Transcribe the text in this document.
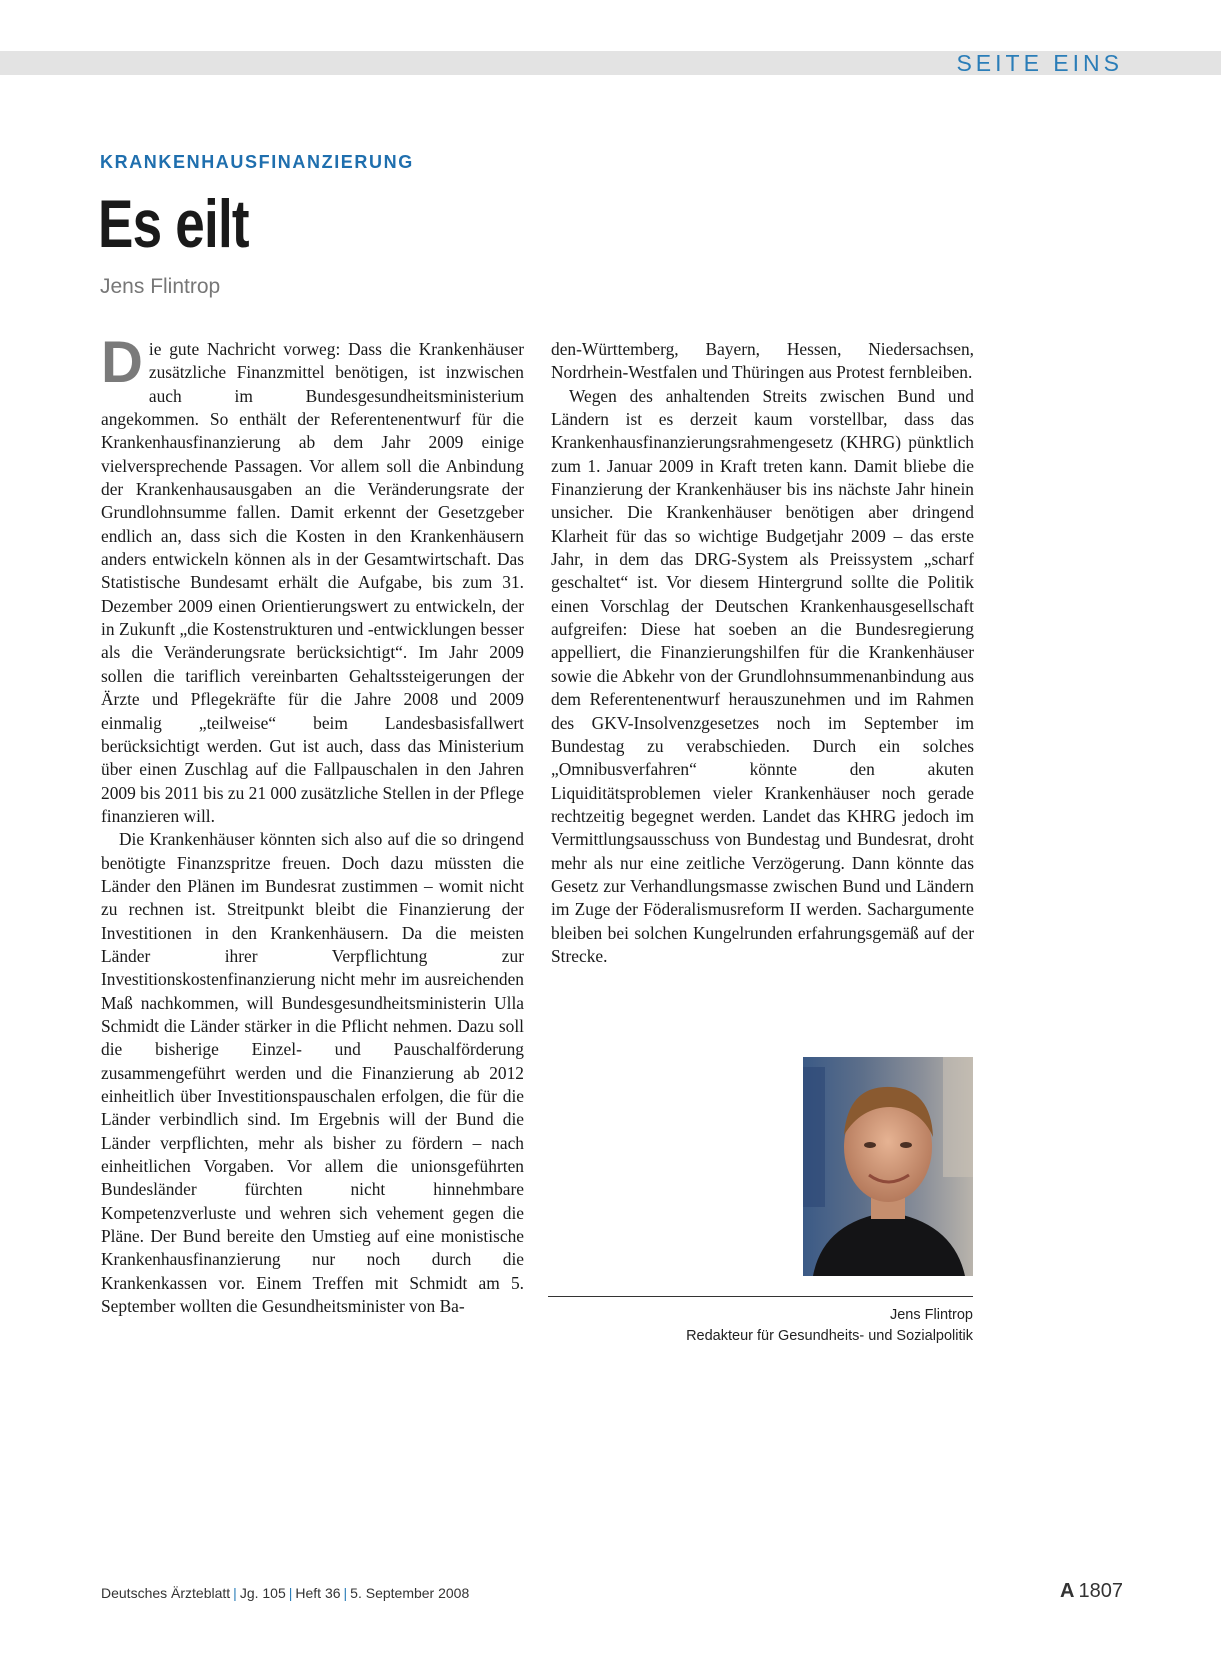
SEITE EINS
KRANKENHAUSFINANZIERUNG
Es eilt
Jens Flintrop

Die gute Nachricht vorweg: Dass die Krankenhäuser zusätzliche Finanzmittel benötigen, ist inzwischen auch im Bundesgesundheitsministerium angekommen. So enthält der Referentenentwurf für die Krankenhausfinanzierung ab dem Jahr 2009 einige vielversprechende Passagen. Vor allem soll die Anbindung der Krankenhausausgaben an die Veränderungsrate der Grundlohnsumme fallen. Damit erkennt der Gesetzgeber endlich an, dass sich die Kosten in den Krankenhäusern anders entwickeln können als in der Gesamtwirtschaft. Das Statistische Bundesamt erhält die Aufgabe, bis zum 31. Dezember 2009 einen Orientierungswert zu entwickeln, der in Zukunft „die Kostenstrukturen und -entwicklungen besser als die Veränderungsrate berücksichtigt“. Im Jahr 2009 sollen die tariflich vereinbarten Gehaltssteigerungen der Ärzte und Pflegekräfte für die Jahre 2008 und 2009 einmalig „teilweise“ beim Landesbasisfallwert berücksichtigt werden. Gut ist auch, dass das Ministerium über einen Zuschlag auf die Fallpauschalen in den Jahren 2009 bis 2011 bis zu 21 000 zusätzliche Stellen in der Pflege finanzieren will.

Die Krankenhäuser könnten sich also auf die so dringend benötigte Finanzspritze freuen. Doch dazu müssten die Länder den Plänen im Bundesrat zustimmen – womit nicht zu rechnen ist. Streitpunkt bleibt die Finanzierung der Investitionen in den Krankenhäusern. Da die meisten Länder ihrer Verpflichtung zur Investitionskostenfinanzierung nicht mehr im ausreichenden Maß nachkommen, will Bundesgesundheitsministerin Ulla Schmidt die Länder stärker in die Pflicht nehmen. Dazu soll die bisherige Einzel- und Pauschalförderung zusammengeführt werden und die Finanzierung ab 2012 einheitlich über Investitionspauschalen erfolgen, die für die Länder verbindlich sind. Im Ergebnis will der Bund die Länder verpflichten, mehr als bisher zu fördern – nach einheitlichen Vorgaben. Vor allem die unionsgeführten Bundesländer fürchten nicht hinnehmbare Kompetenzverluste und wehren sich vehement gegen die Pläne. Der Bund bereite den Umstieg auf eine monistische Krankenhausfinanzierung nur noch durch die Krankenkassen vor. Einem Treffen mit Schmidt am 5. September wollten die Gesundheitsminister von Ba-

den-Württemberg, Bayern, Hessen, Niedersachsen, Nordrhein-Westfalen und Thüringen aus Protest fernbleiben.

Wegen des anhaltenden Streits zwischen Bund und Ländern ist es derzeit kaum vorstellbar, dass das Krankenhausfinanzierungsrahmengesetz (KHRG) pünktlich zum 1. Januar 2009 in Kraft treten kann. Damit bliebe die Finanzierung der Krankenhäuser bis ins nächste Jahr hinein unsicher. Die Krankenhäuser benötigen aber dringend Klarheit für das so wichtige Budgetjahr 2009 – das erste Jahr, in dem das DRG-System als Preissystem „scharf geschaltet“ ist. Vor diesem Hintergrund sollte die Politik einen Vorschlag der Deutschen Krankenhausgesellschaft aufgreifen: Diese hat soeben an die Bundesregierung appelliert, die Finanzierungshilfen für die Krankenhäuser sowie die Abkehr von der Grundlohnsummenanbindung aus dem Referentenentwurf herauszunehmen und im Rahmen des GKV-Insolvenzgesetzes noch im September im Bundestag zu verabschieden. Durch ein solches „Omnibusverfahren“ könnte den akuten Liquiditätsproblemen vieler Krankenhäuser noch gerade rechtzeitig begegnet werden. Landet das KHRG jedoch im Vermittlungsausschuss von Bundestag und Bundesrat, droht mehr als nur eine zeitliche Verzögerung. Dann könnte das Gesetz zur Verhandlungsmasse zwischen Bund und Ländern im Zuge der Föderalismusreform II werden. Sachargumente bleiben bei solchen Kungelrunden erfahrungsgemäß auf der Strecke.

Jens Flintrop
Redakteur für Gesundheits- und Sozialpolitik
Deutsches Ärzteblatt | Jg. 105 | Heft 36 | 5. September 2008	A 1807
